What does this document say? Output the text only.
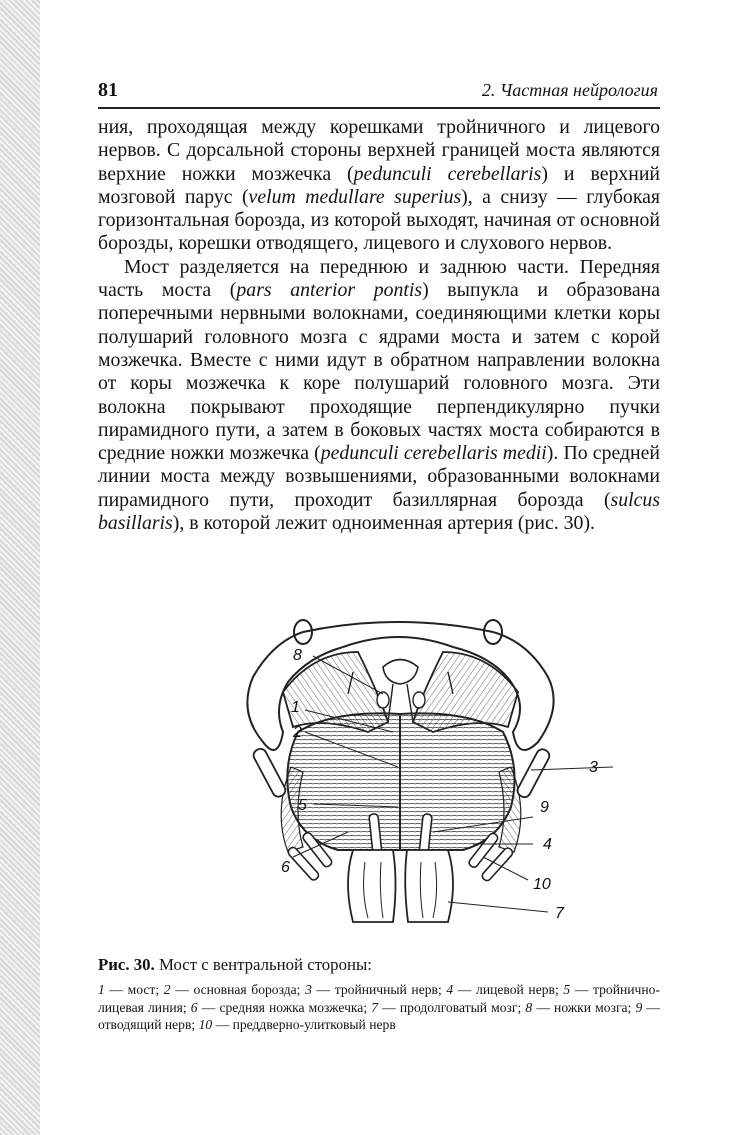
81	2. Частная нейрология

ния, проходящая между корешками тройничного и лицевого нервов. С дорсальной стороны верхней границей моста являются верхние ножки мозжечка (pedunculi cerebellaris) и верхний мозговой парус (velum medullare superius), а снизу — глубокая горизонтальная борозда, из которой выходят, начиная от основной борозды, корешки отводящего, лицевого и слухового нервов.

Мост разделяется на переднюю и заднюю части. Передняя часть моста (pars anterior pontis) выпукла и образована поперечными нервными волокнами, соединяющими клетки коры полушарий головного мозга с ядрами моста и затем с корой мозжечка. Вместе с ними идут в обратном направлении волокна от коры мозжечка к коре полушарий головного мозга. Эти волокна покрывают проходящие перпендикулярно пучки пирамидного пути, а затем в боковых частях моста собираются в средние ножки мозжечка (pedunculi cerebellaris medii). По средней линии моста между возвышениями, образованными волокнами пирамидного пути, проходит базиллярная борозда (sulcus basillaris), в которой лежит одноименная артерия (рис. 30).

8
1
2
3
5	9
4
6
10
7
Рис. 30. Мост с вентральной стороны:
1 — мост; 2 — основная борозда; 3 — тройничный нерв; 4 — лицевой нерв; 5 — тройнично-лицевая линия; 6 — средняя ножка мозжечка; 7 — продолговатый мозг; 8 — ножки мозга; 9 — отводящий нерв; 10 — преддверно-улитковый нерв
